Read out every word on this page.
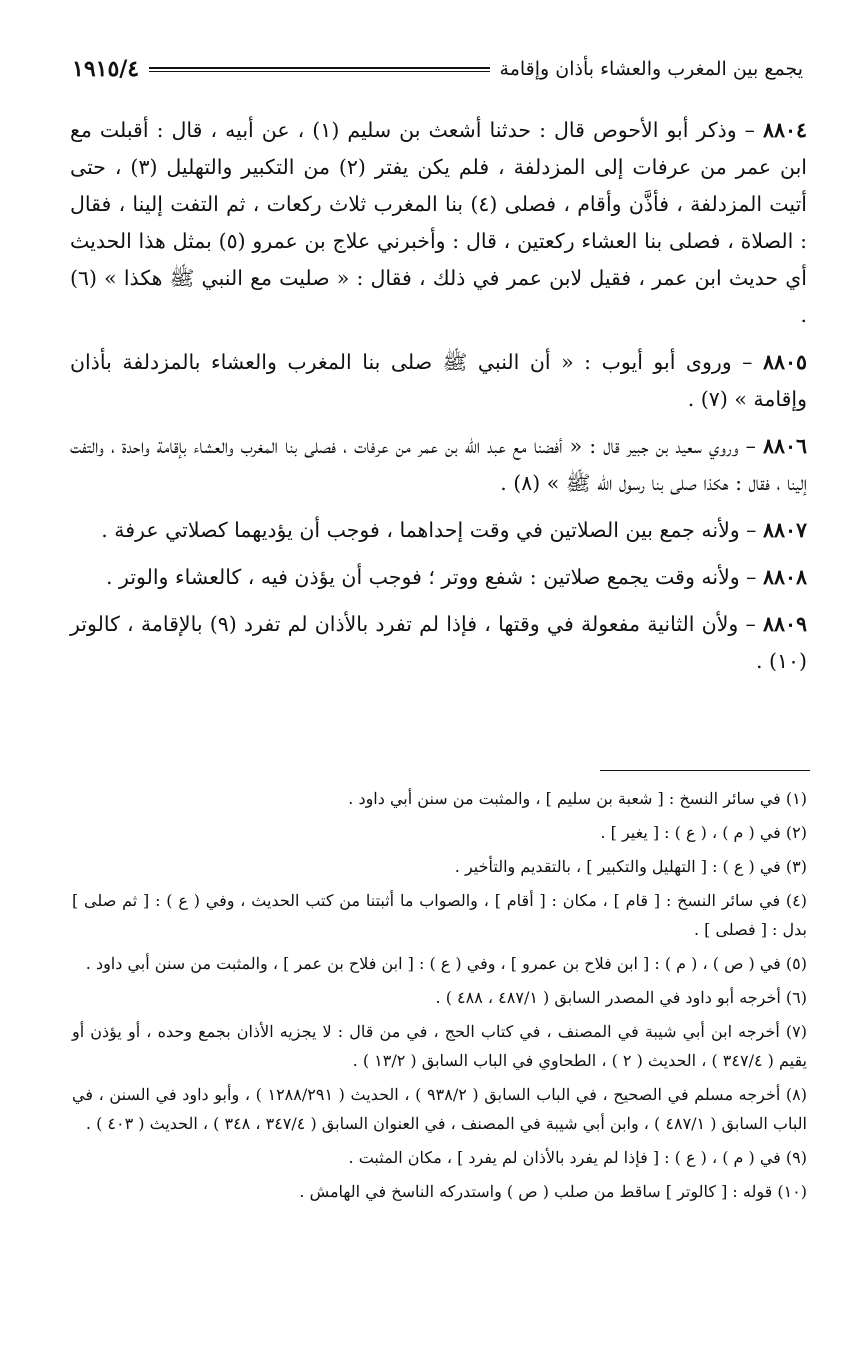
يجمع بين المغرب والعشاء بأذان وإقامة
١٩١٥/٤

٨٨٠٤ – وذكر أبو الأحوص قال : حدثنا أشعث بن سليم (١) ، عن أبيه ، قال : أقبلت مع ابن عمر من عرفات إلى المزدلفة ، فلم يكن يفتر (٢) من التكبير والتهليل (٣) ، حتى أتيت المزدلفة ، فأذَّن وأقام ، فصلى (٤) بنا المغرب ثلاث ركعات ، ثم التفت إلينا ، فقال : الصلاة ، فصلى بنا العشاء ركعتين ، قال : وأخبرني علاج بن عمرو (٥) بمثل هذا الحديث أي حديث ابن عمر ، فقيل لابن عمر في ذلك ، فقال : « صليت مع النبي ﷺ هكذا » (٦) .

٨٨٠٥ – وروى أبو أيوب : « أن النبي ﷺ صلى بنا المغرب والعشاء بالمزدلفة بأذان وإقامة » (٧) .

٨٨٠٦ – وروي سعيد بن جبير قال : « أفضنا مع عبد الله بن عمر من عرفات ، فصلى بنا المغرب والعشاء بإقامة واحدة ، والتفت إلينا ، فقال : هكذا صلى بنا رسول الله ﷺ » (٨) .

٨٨٠٧ – ولأنه جمع بين الصلاتين في وقت إحداهما ، فوجب أن يؤديهما كصلاتي عرفة .

٨٨٠٨ – ولأنه وقت يجمع صلاتين : شفع ووتر ؛ فوجب أن يؤذن فيه ، كالعشاء والوتر .

٨٨٠٩ – ولأن الثانية مفعولة في وقتها ، فإذا لم تفرد بالأذان لم تفرد (٩) بالإقامة ، كالوتر (١٠) .

(١) في سائر النسخ : [ شعبة بن سليم ] ، والمثبت من سنن أبي داود .

(٢) في ( م ) ، ( ع ) : [ يغير ] .

(٣) في ( ع ) : [ التهليل والتكبير ] ، بالتقديم والتأخير .

(٤) في سائر النسخ : [ قام ] ، مكان : [ أقام ] ، والصواب ما أثبتنا من كتب الحديث ، وفي ( ع ) : [ ثم صلى ] بدل : [ فصلى ] .

(٥) في ( ص ) ، ( م ) : [ ابن فلاح بن عمرو ] ، وفي ( ع ) : [ ابن فلاح بن عمر ] ، والمثبت من سنن أبي داود .

(٦) أخرجه أبو داود في المصدر السابق ( ٤٨٧/١ ، ٤٨٨ ) .

(٧) أخرجه ابن أبي شيبة في المصنف ، في كتاب الحج ، في من قال : لا يجزيه الأذان بجمع وحده ، أو يؤذن أو يقيم ( ٣٤٧/٤ ) ، الحديث ( ٢ ) ، الطحاوي في الباب السابق ( ١٣/٢ ) .

(٨) أخرجه مسلم في الصحيح ، في الباب السابق ( ٩٣٨/٢ ) ، الحديث ( ١٢٨٨/٢٩١ ) ، وأبو داود في السنن ، في الباب السابق ( ٤٨٧/١ ) ، وابن أبي شيبة في المصنف ، في العنوان السابق ( ٣٤٧/٤ ، ٣٤٨ ) ، الحديث ( ٤٠٣ ) .

(٩) في ( م ) ، ( ع ) : [ فإذا لم يفرد بالأذان لم يفرد ] ، مكان المثبت .

(١٠) قوله : [ كالوتر ] ساقط من صلب ( ص ) واستدركه الناسخ في الهامش .
